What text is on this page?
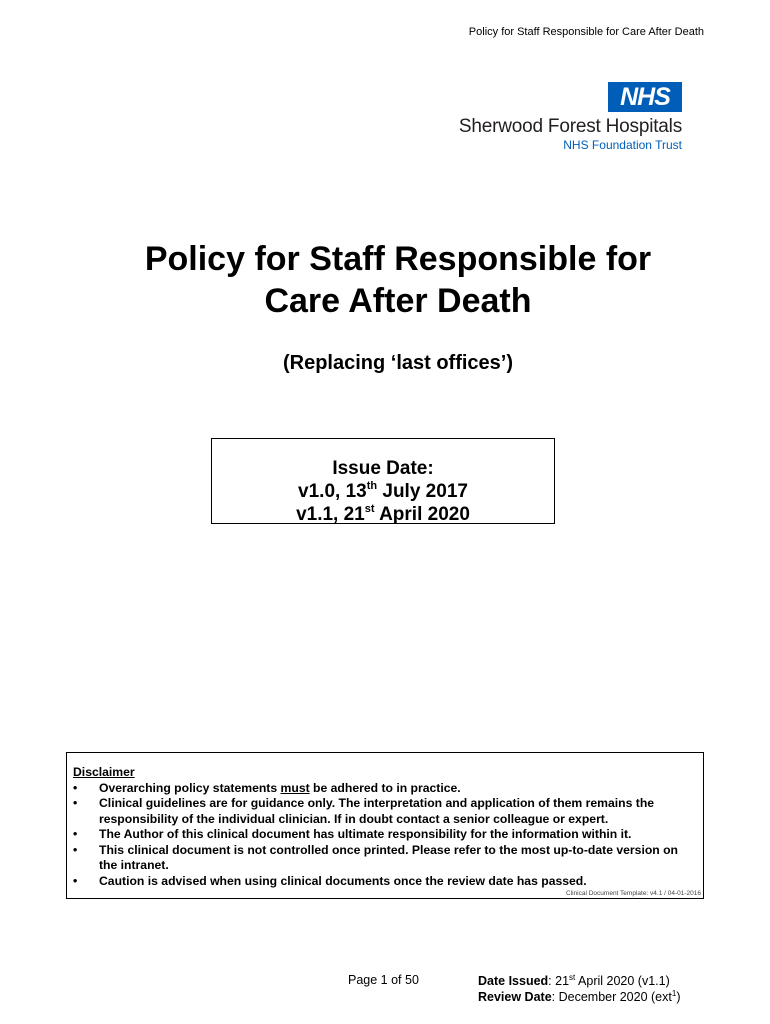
Policy for Staff Responsible for Care After Death
NHS
Sherwood Forest Hospitals
NHS Foundation Trust
Policy for Staff Responsible for
Care After Death
(Replacing ‘last offices’)
Issue Date:
v1.0, 13th July 2017
v1.1, 21st April 2020
Disclaimer
• Overarching policy statements must be adhered to in practice.
• Clinical guidelines are for guidance only. The interpretation and application of them remains the responsibility of the individual clinician. If in doubt contact a senior colleague or expert.
• The Author of this clinical document has ultimate responsibility for the information within it.
• This clinical document is not controlled once printed. Please refer to the most up-to-date version on the intranet.
• Caution is advised when using clinical documents once the review date has passed.
Clinical Document Template: v4.1 / 04-01-2016
Page 1 of 50	Date Issued: 21st April 2020 (v1.1)
Review Date: December 2020 (ext$^1$)
